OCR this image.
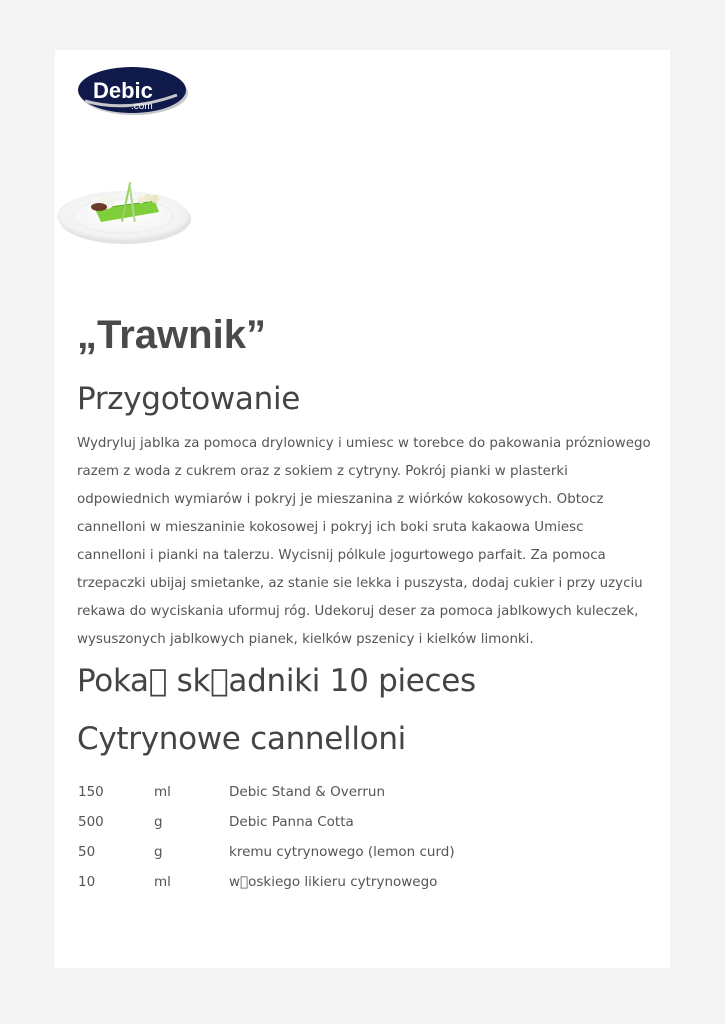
Debic
.com
„Trawnik”
Przygotowanie

Wydryluj jablka za pomoca drylownicy i umiesc w torebce do pakowania prózniowego razem z woda z cukrem oraz z sokiem z cytryny. Pokrój pianki w plasterki odpowiednich wymiarów i pokryj je mieszanina z wiórków kokosowych. Obtocz cannelloni w mieszaninie kokosowej i pokryj ich boki sruta kakaowa Umiesc cannelloni i pianki na talerzu. Wycisnij pólkule jogurtowego parfait. Za pomoca trzepaczki ubijaj smietanke, az stanie sie lekka i puszysta, dodaj cukier i przy uzyciu rekawa do wyciskania uformuj róg. Udekoruj deser za pomoca jablkowych kuleczek, wysuszonych jablkowych pianek, kielków pszenicy i kielków limonki.

Poka  sk adniki 10 pieces
Cytrynowe cannelloni
150	ml	Debic Stand & Overrun
500	g	Debic Panna Cotta
50	g	kremu cytrynowego (lemon curd)
10	ml	w oskiego likieru cytrynowego
